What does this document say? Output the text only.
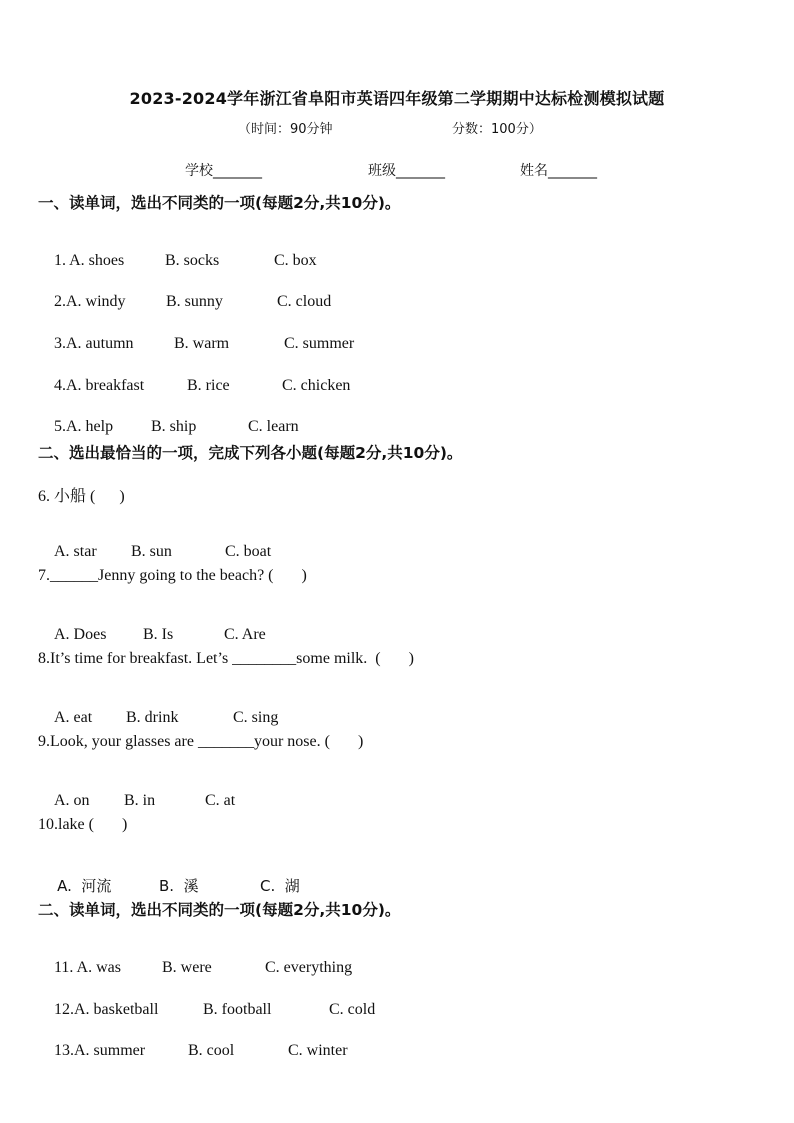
2023-2024学年浙江省阜阳市英语四年级第二学期期中达标检测模拟试题
（时间：90分钟	分数：100分）
学校_______	班级_______	姓名_______
一、读单词，选出不同类的一项(每题2分,共10分)。

1. A. shoes	B. socks	C. box

2.A. windy	B. sunny	C. cloud

3.A. autumn	B. warm	C. summer

4.A. breakfast	B. rice	C. chicken

5.A. help B. ship	C. learn

二、选出最恰当的一项，完成下列各小题(每题2分,共10分)。
6. 小船 (      )

A. star B. sun	C. boat

7.______Jenny going to the beach? (       )

A. Does B. Is	C. Are

8.It’s time for breakfast. Let’s ________some milk.  (       )

A. eat B. drink	C. sing

9.Look, your glasses are _______your nose. (       )

A. on B. in	C. at

10.lake (       )

A.  河流	B.  溪	C.  湖

二、读单词，选出不同类的一项(每题2分,共10分)。

11. A. was	B. were	C. everything

12.A. basketball	B. football	C. cold

13.A. summer	B. cool	C. winter
